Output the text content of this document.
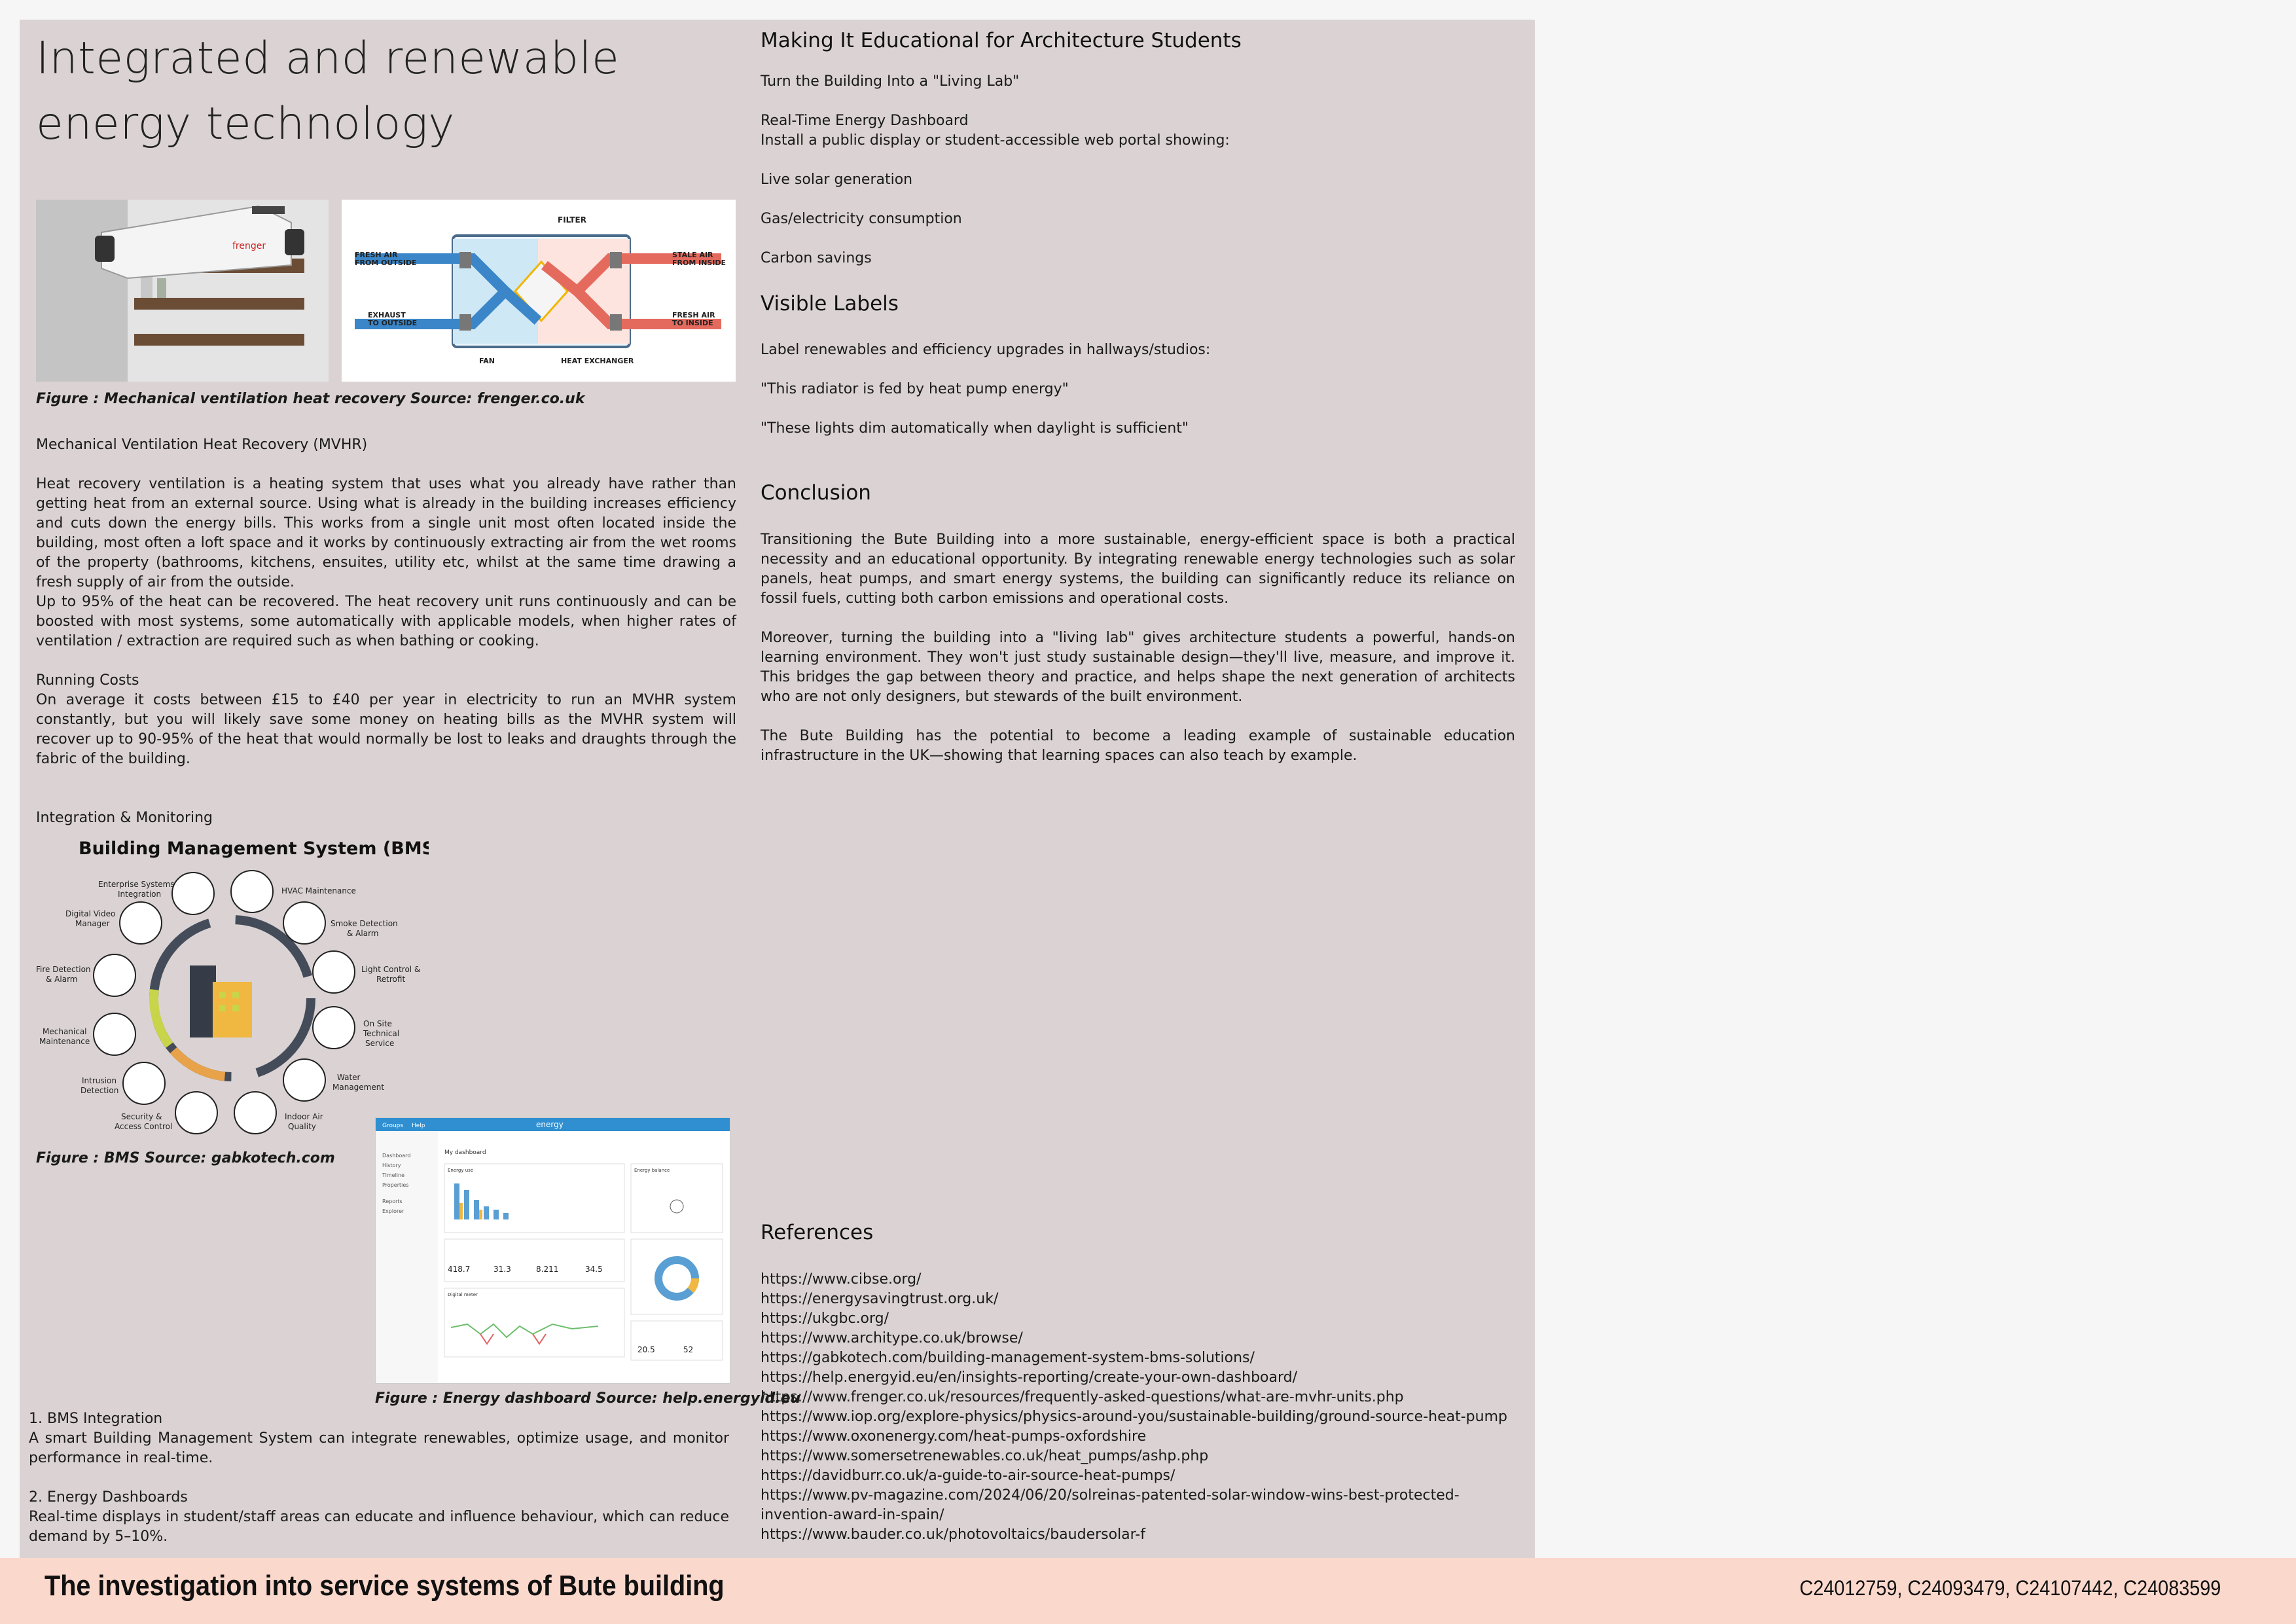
Integrated and renewable energy technology
frenger
FILTER
FRESH AIR
FROM OUTSIDE
STALE AIR
FROM INSIDE
EXHAUST
TO OUTSIDE
FRESH AIR
TO INSIDE
FAN	HEAT EXCHANGER
Figure : Mechanical ventilation heat recovery Source: frenger.co.uk

Mechanical Ventilation Heat Recovery (MVHR)

Heat recovery ventilation is a heating system that uses what you already have rather than getting heat from an external source. Using what is already in the building increases efficiency and cuts down the energy bills. This works from a single unit most often located inside the building, most often a loft space and it works by continuously extracting air from the wet rooms of the property (bathrooms, kitchens, ensuites, utility etc, whilst at the same time drawing a fresh supply of air from the outside.

Up to 95% of the heat can be recovered. The heat recovery unit runs continuously and can be boosted with most systems, some automatically with applicable models, when higher rates of ventilation / extraction are required such as when bathing or cooking.

Running Costs

On average it costs between £15 to £40 per year in electricity to run an MVHR system constantly, but you will likely save some money on heating bills as the MVHR system will recover up to 90-95% of the heat that would normally be lost to leaks and draughts through the fabric of the building.

Integration & Monitoring

Building Management System (BMS)
Enterprise Systems
Integration	HVAC Maintenance
Smoke Detection
& Alarm
Light Control &
Retrofit
On Site
Technical
Service
Water
Management
Indoor Air
Quality
Security &
Access Control
Intrusion
Detection
Mechanical
Maintenance
Fire Detection
& Alarm
Digital Video
Manager
Figure : BMS Source: gabkotech.com
Groups Help	energy
Dashboard
History
Timeline
Properties
Reports
Explorer
My dashboard
Energy use	Energy balance
418.7	31.3	8.211	34.5
Digital meter
20.5	52
Figure : Energy dashboard Source: help.energyid.eu

1. BMS Integration

A smart Building Management System can integrate renewables, optimize usage, and monitor performance in real-time.

2. Energy Dashboards

Real-time displays in student/staff areas can educate and influence behaviour, which can reduce demand by 5–10%.

Making It Educational for Architecture Students

Turn the Building Into a "Living Lab"

Real-Time Energy Dashboard

Install a public display or student-accessible web portal showing:

Live solar generation

Gas/electricity consumption

Carbon savings

Visible Labels

Label renewables and efficiency upgrades in hallways/studios:

"This radiator is fed by heat pump energy"

"These lights dim automatically when daylight is sufficient"

Conclusion

Transitioning the Bute Building into a more sustainable, energy-efficient space is both a practical necessity and an educational opportunity. By integrating renewable energy technologies such as solar panels, heat pumps, and smart energy systems, the building can significantly reduce its reliance on fossil fuels, cutting both carbon emissions and operational costs.

Moreover, turning the building into a "living lab" gives architecture students a powerful, hands-on learning environment. They won't just study sustainable design—they'll live, measure, and improve it. This bridges the gap between theory and practice, and helps shape the next generation of architects who are not only designers, but stewards of the built environment.

The Bute Building has the potential to become a leading example of sustainable education infrastructure in the UK—showing that learning spaces can also teach by example.

References
https://www.cibse.org/
https://energysavingtrust.org.uk/
https://ukgbc.org/
https://www.architype.co.uk/browse/
https://gabkotech.com/building-management-system-bms-solutions/
https://help.energyid.eu/en/insights-reporting/create-your-own-dashboard/
https://www.frenger.co.uk/resources/frequently-asked-questions/what-are-mvhr-units.php
https://www.iop.org/explore-physics/physics-around-you/sustainable-building/ground-source-heat-pump
https://www.oxonenergy.com/heat-pumps-oxfordshire
https://www.somersetrenewables.co.uk/heat_pumps/ashp.php
https://davidburr.co.uk/a-guide-to-air-source-heat-pumps/
https://www.pv-magazine.com/2024/06/20/solreinas-patented-solar-window-wins-best-protected-invention-award-in-spain/
https://www.bauder.co.uk/photovoltaics/baudersolar-f
The investigation into service systems of Bute building	C24012759, C24093479, C24107442, C24083599
